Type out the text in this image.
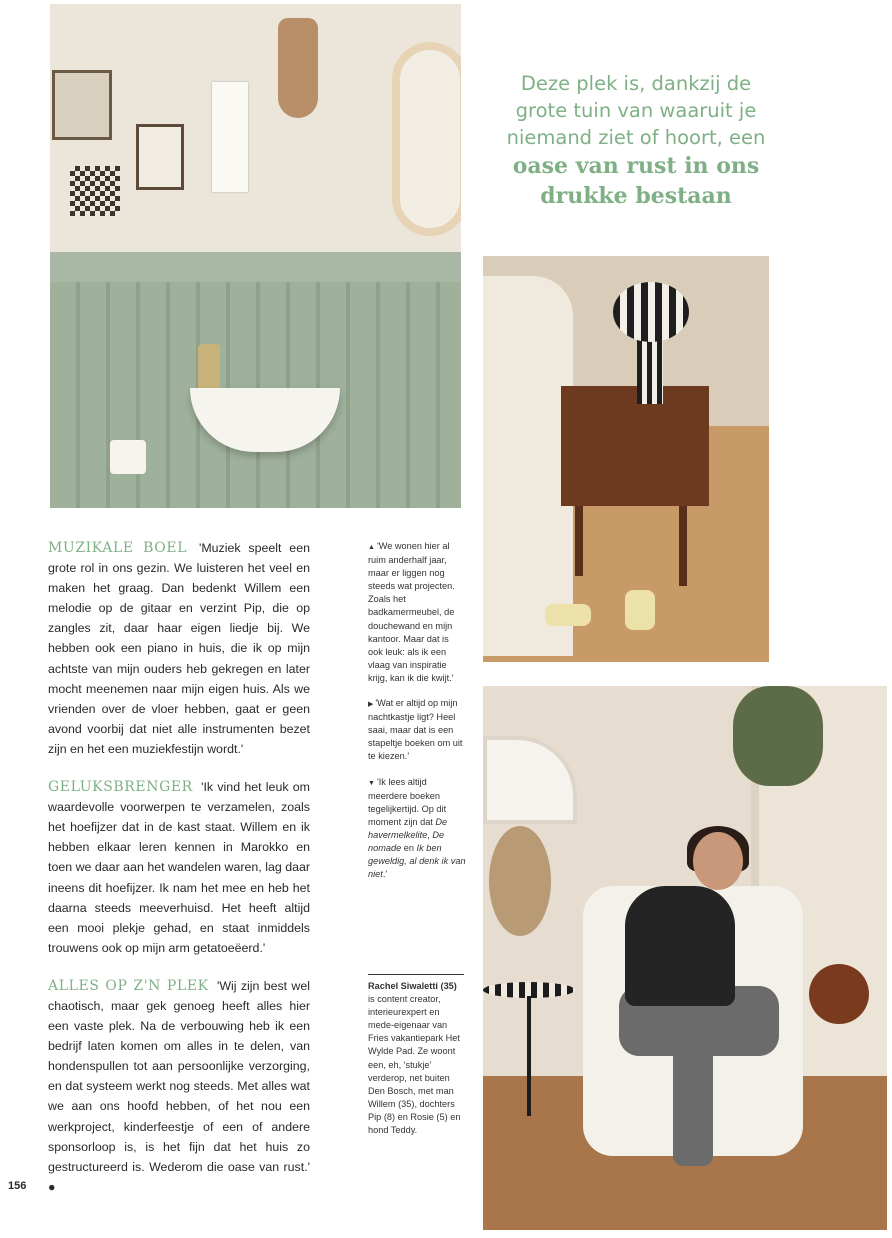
Deze plek is, dankzij de grote tuin van waaruit je niemand ziet of hoort, een
oase van rust in ons drukke bestaan

MUZIKALE BOEL 'Muziek speelt een grote rol in ons gezin. We luisteren het veel en maken het graag. Dan bedenkt Willem een melodie op de gitaar en verzint Pip, die op zangles zit, daar haar eigen liedje bij. We hebben ook een piano in huis, die ik op mijn achtste van mijn ouders heb gekregen en later mocht meenemen naar mijn eigen huis. Als we vrienden over de vloer hebben, gaat er geen avond voorbij dat niet alle instrumenten bezet zijn en het een muziekfestijn wordt.'

GELUKSBRENGER 'Ik vind het leuk om waardevolle voorwerpen te verzamelen, zoals het hoefijzer dat in de kast staat. Willem en ik hebben elkaar leren kennen in Marokko en toen we daar aan het wandelen waren, lag daar ineens dit hoefijzer. Ik nam het mee en heb het daarna steeds meeverhuisd. Het heeft altijd een mooi plekje gehad, en staat inmiddels trouwens ook op mijn arm getatoeëerd.'

ALLES OP Z'N PLEK 'Wij zijn best wel chaotisch, maar gek genoeg heeft alles hier een vaste plek. Na de verbouwing heb ik een bedrijf laten komen om alles in te delen, van hondenspullen tot aan persoonlijke verzorging, en dat systeem werkt nog steeds. Met alles wat we aan ons hoofd hebben, of het nou een werkproject, kinderfeestje of een of andere sponsorloop is, is het fijn dat het huis zo gestructureerd is. Wederom die oase van rust.' ●

▲ 'We wonen hier al ruim anderhalf jaar, maar er liggen nog steeds wat projecten. Zoals het badkamermeubel, de douchewand en mijn kantoor. Maar dat is ook leuk: als ik een vlaag van inspiratie krijg, kan ik die kwijt.'

▶ 'Wat er altijd op mijn nachtkastje ligt? Heel saai, maar dat is een stapeltje boeken om uit te kiezen.'

▼ 'Ik lees altijd meerdere boeken tegelijkertijd. Op dit moment zijn dat De havermelkelite, De nomade en Ik ben geweldig, al denk ik van niet.'

Rachel Siwaletti (35) is content creator, interieurexpert en mede-eigenaar van Fries vakantiepark Het Wylde Pad. Ze woont een, eh, 'stukje' verderop, net buiten Den Bosch, met man Willem (35), dochters Pip (8) en Rosie (5) en hond Teddy.
156
